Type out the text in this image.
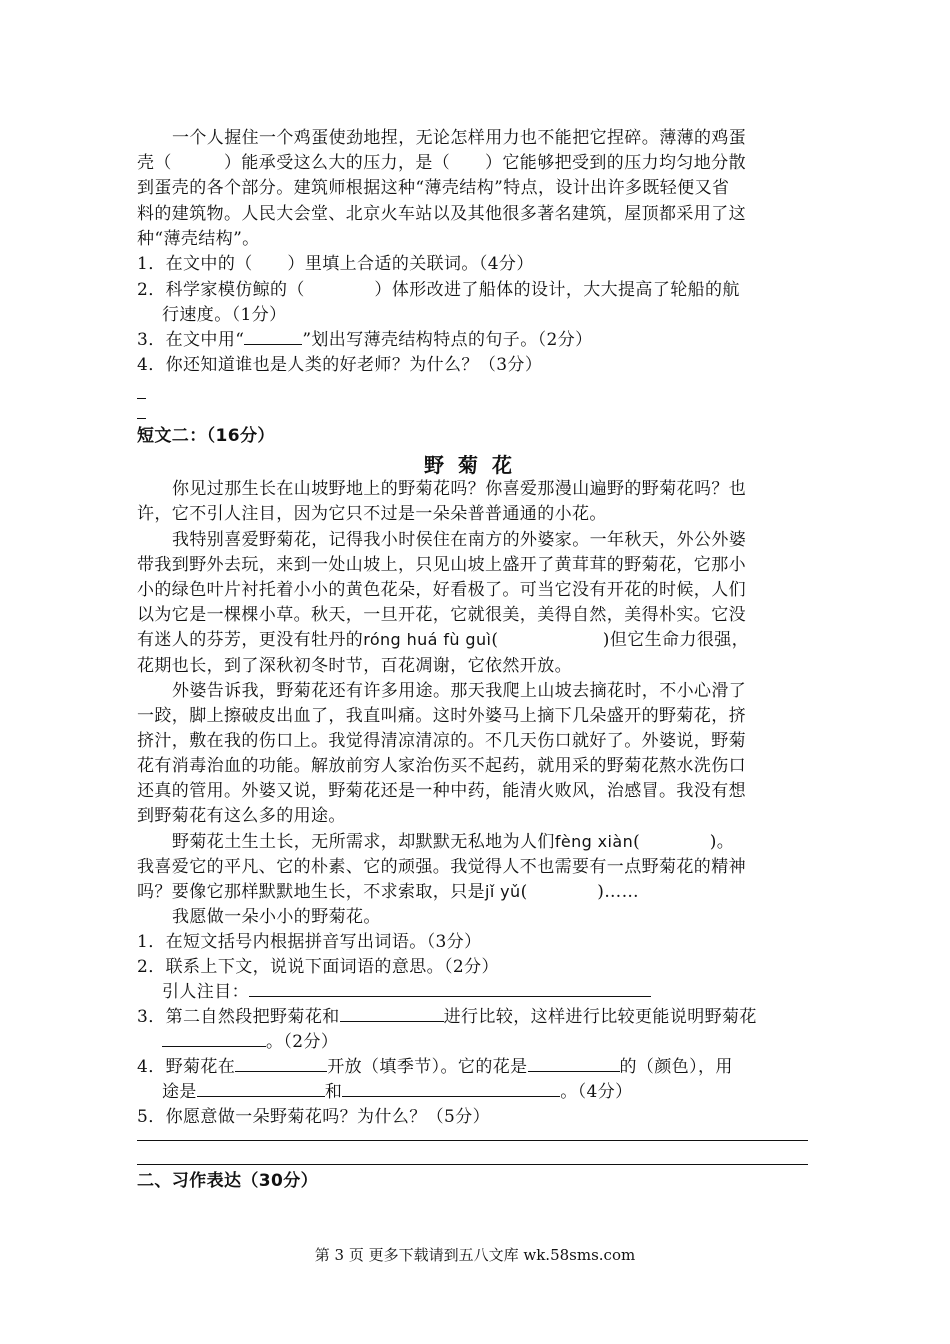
一个人握住一个鸡蛋使劲地捏，无论怎样用力也不能把它捏碎。薄薄的鸡蛋
壳（　　　）能承受这么大的压力，是（　　）它能够把受到的压力均匀地分散
到蛋壳的各个部分。建筑师根据这种“薄壳结构”特点，设计出许多既轻便又省
料的建筑物。人民大会堂、北京火车站以及其他很多著名建筑，屋顶都采用了这
种“薄壳结构”。
1．在文中的（　　）里填上合适的关联词。（4分）
2．科学家模仿鲸的（　　　　）体形改进了船体的设计，大大提高了轮船的航
行速度。（1分）
3．在文中用“	”划出写薄壳结构特点的句子。（2分）
4．你还知道谁也是人类的好老师？为什么？（3分）
短文二：（16分）
野菊花
你见过那生长在山坡野地上的野菊花吗？你喜爱那漫山遍野的野菊花吗？也
许，它不引人注目，因为它只不过是一朵朵普普通通的小花。
我特别喜爱野菊花，记得我小时侯住在南方的外婆家。一年秋天，外公外婆
带我到野外去玩，来到一处山坡上，只见山坡上盛开了黄茸茸的野菊花，它那小
小的绿色叶片衬托着小小的黄色花朵，好看极了。可当它没有开花的时候，人们
以为它是一棵棵小草。秋天，一旦开花，它就很美，美得自然，美得朴实。它没
有迷人的芬芳，更没有牡丹的róng huá fù guì(　　　　　　)但它生命力很强，
花期也长，到了深秋初冬时节，百花凋谢，它依然开放。
外婆告诉我，野菊花还有许多用途。那天我爬上山坡去摘花时，不小心滑了
一跤，脚上擦破皮出血了，我直叫痛。这时外婆马上摘下几朵盛开的野菊花，挤
挤汁，敷在我的伤口上。我觉得清凉清凉的。不几天伤口就好了。外婆说，野菊
花有消毒治血的功能。解放前穷人家治伤买不起药，就用采的野菊花熬水洗伤口
还真的管用。外婆又说，野菊花还是一种中药，能清火败风，治感冒。我没有想
到野菊花有这么多的用途。
野菊花土生土长，无所需求，却默默无私地为人们fèng xiàn(　　　　)。
我喜爱它的平凡、它的朴素、它的顽强。我觉得人不也需要有一点野菊花的精神
吗？要像它那样默默地生长，不求索取，只是jǐ yǔ(　　　　)……
我愿做一朵小小的野菊花。
1．在短文括号内根据拼音写出词语。（3分）
2．联系上下文，说说下面词语的意思。（2分）
引人注目：
3．第二自然段把野菊花和	进行比较，这样进行比较更能说明野菊花
。（2分）
4．野菊花在	开放（填季节）。它的花是	的（颜色），用
途是	和	。（4分）
5．你愿意做一朵野菊花吗？为什么？（5分）
二、习作表达（30分）
第 3 页 更多下载请到五八文库 wk.58sms.com
